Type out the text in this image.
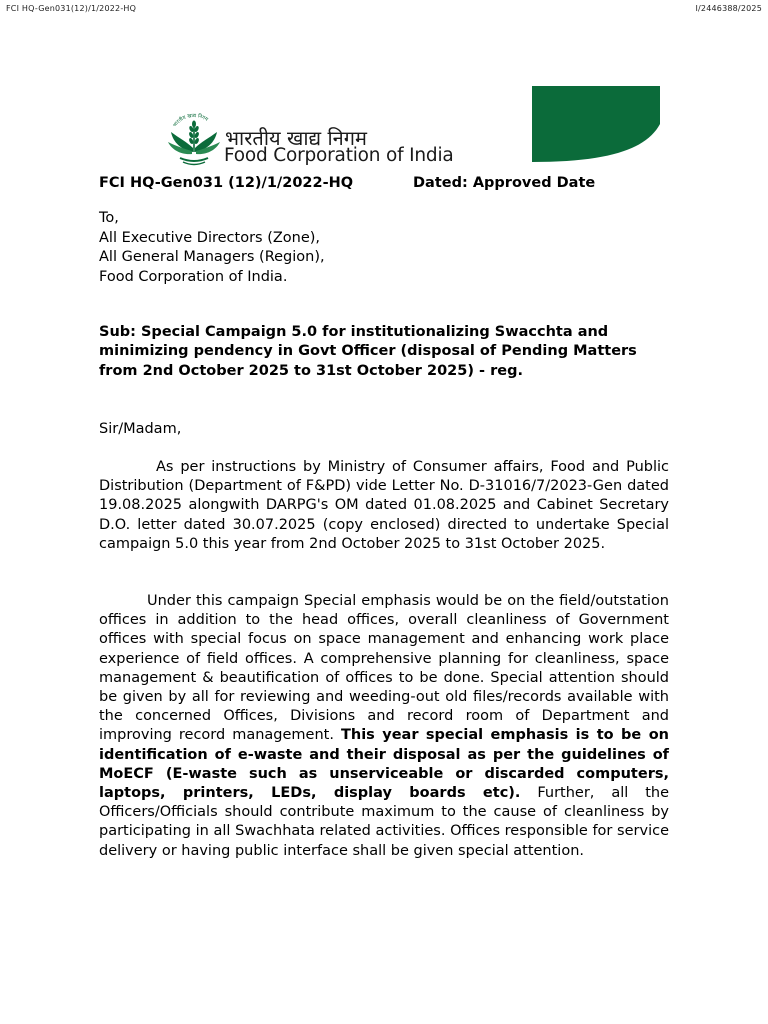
FCI HQ-Gen031(12)/1/2022-HQ	I/2446388/2025
भारतीय खाद्य निगम
भारतीय खाद्य निगम
Food Corporation of India
FCI HQ-Gen031 (12)/1/2022-HQ	Dated: Approved Date
To,
All Executive Directors (Zone),
All General Managers (Region),
Food Corporation of India.
Sub: Special Campaign 5.0 for institutionalizing Swacchta and minimizing pendency in Govt Officer (disposal of Pending Matters from 2nd October 2025 to 31st October 2025) - reg.
Sir/Madam,
As per instructions by Ministry of Consumer affairs, Food and Public Distribution (Department of F&PD) vide Letter No. D-31016/7/2023-Gen dated 19.08.2025 alongwith DARPG's OM dated 01.08.2025 and Cabinet Secretary D.O. letter dated 30.07.2025 (copy enclosed) directed to undertake Special campaign 5.0 this year from 2nd October 2025 to 31st October 2025.
Under this campaign Special emphasis would be on the field/outstation offices in addition to the head offices, overall cleanliness of Government offices with special focus on space management and enhancing work place experience of field offices. A comprehensive planning for cleanliness, space management & beautification of offices to be done. Special attention should be given by all for reviewing and weeding-out old files/records available with the concerned Offices, Divisions and record room of Department and improving record management. This year special emphasis is to be on identification of e-waste and their disposal as per the guidelines of MoECF (E-waste such as unserviceable or discarded computers, laptops, printers, LEDs, display boards etc). Further, all the Officers/Officials should contribute maximum to the cause of cleanliness by participating in all Swachhata related activities. Offices responsible for service delivery or having public interface shall be given special attention.
